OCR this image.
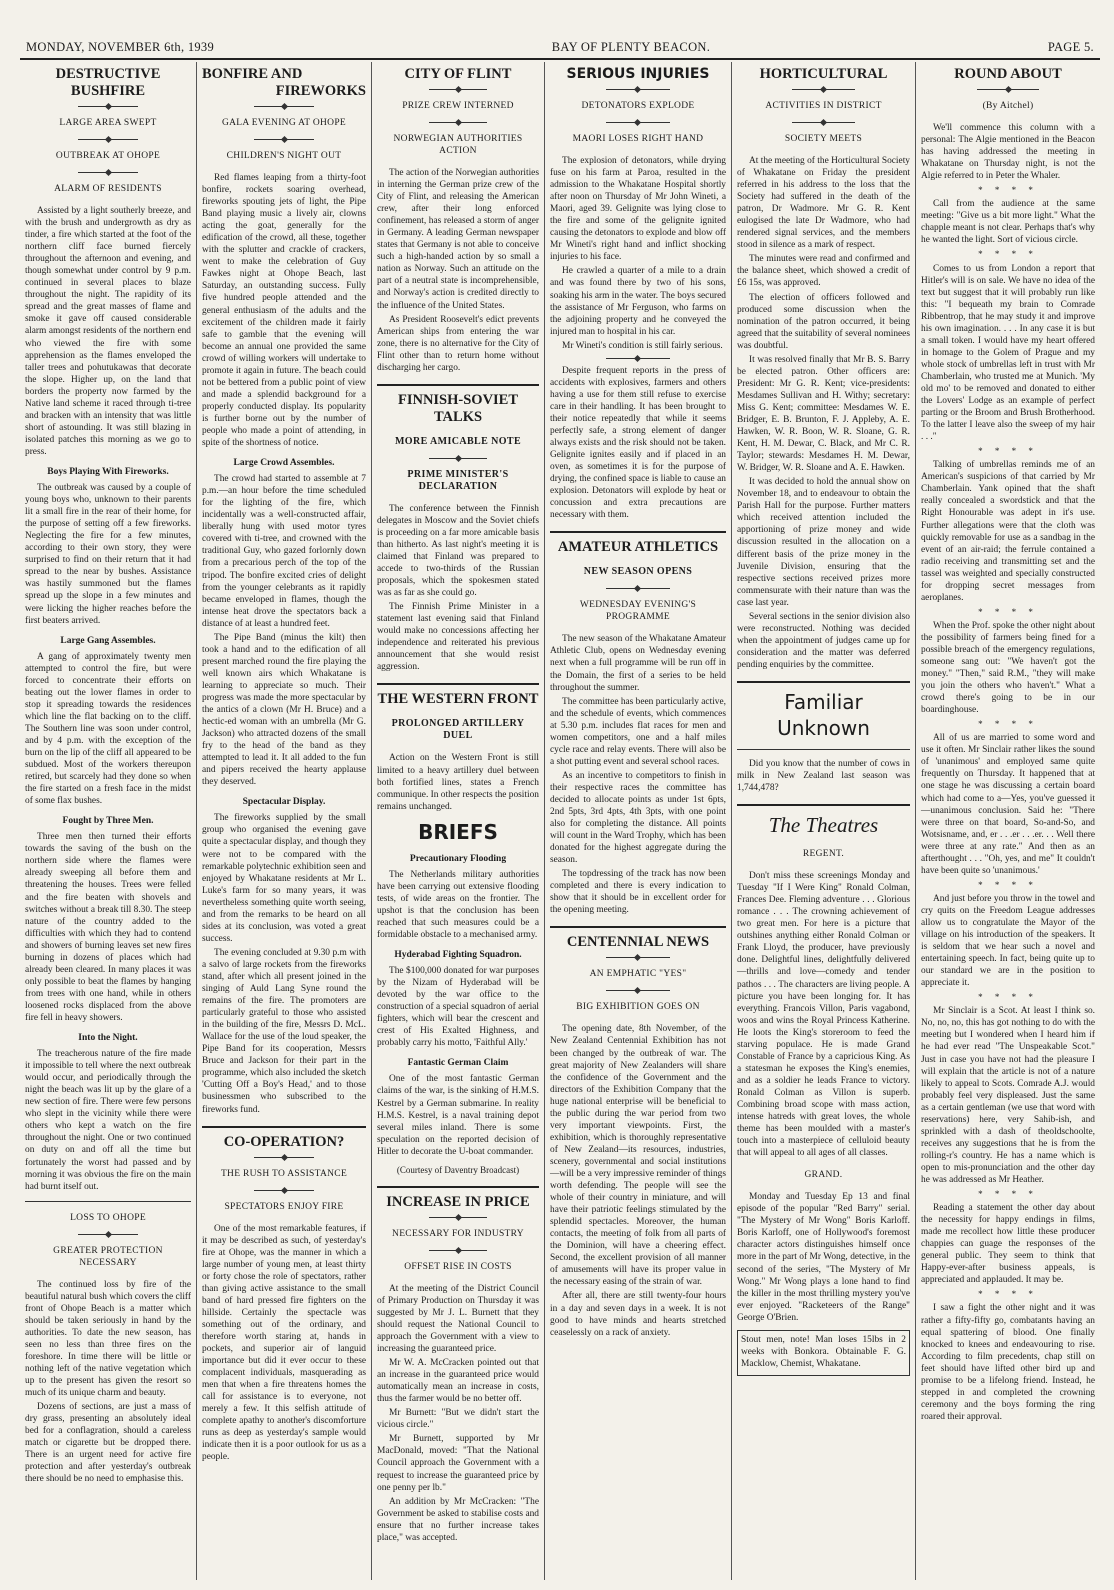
MONDAY, NOVEMBER 6th, 1939	BAY OF PLENTY BEACON.	PAGE 5.
DESTRUCTIVE BUSHFIRE
LARGE AREA SWEPT
OUTBREAK AT OHOPE
ALARM OF RESIDENTS

Assisted by a light southerly breeze, and with the brush and undergrowth as dry as tinder, a fire which started at the foot of the northern cliff face burned fiercely throughout the afternoon and evening, and though somewhat under control by 9 p.m. continued in several places to blaze throughout the night. The rapidity of its spread and the great masses of flame and smoke it gave off caused considerable alarm amongst residents of the northern end who viewed the fire with some apprehension as the flames enveloped the taller trees and pohutukawas that decorate the slope. Higher up, on the land that borders the property now farmed by the Native land scheme it raced through ti-tree and bracken with an intensity that was little short of astounding. It was still blazing in isolated patches this morning as we go to press.

Boys Playing With Fireworks.

The outbreak was caused by a couple of young boys who, unknown to their parents lit a small fire in the rear of their home, for the purpose of setting off a few fireworks. Neglecting the fire for a few minutes, according to their own story, they were surprised to find on their return that it had spread to the near by bushes. Assistance was hastily summoned but the flames spread up the slope in a few minutes and were licking the higher reaches before the first beaters arrived.

Large Gang Assembles.

A gang of approximately twenty men attempted to control the fire, but were forced to concentrate their efforts on beating out the lower flames in order to stop it spreading towards the residences which line the flat backing on to the cliff. The Southern line was soon under control, and by 4 p.m. with the exception of the burn on the lip of the cliff all appeared to be subdued. Most of the workers thereupon retired, but scarcely had they done so when the fire started on a fresh face in the midst of some flax bushes.

Fought by Three Men.

Three men then turned their efforts towards the saving of the bush on the northern side where the flames were already sweeping all before them and threatening the houses. Trees were felled and the fire beaten with shovels and switches without a break till 8.30. The steep nature of the country added to the difficulties with which they had to contend and showers of burning leaves set new fires burning in dozens of places which had already been cleared. In many places it was only possible to beat the flames by hanging from trees with one hand, while in others loosened rocks displaced from the above fire fell in heavy showers.

Into the Night.

The treacherous nature of the fire made it impossible to tell where the next outbreak would occur, and periodically through the night the beach was lit up by the glare of a new section of fire. There were few persons who slept in the vicinity while there were others who kept a watch on the fire throughout the night. One or two continued on duty on and off all the time but fortunately the worst had passed and by morning it was obvious the fire on the main had burnt itself out.

LOSS TO OHOPE
GREATER PROTECTION NECESSARY

The continued loss by fire of the beautiful natural bush which covers the cliff front of Ohope Beach is a matter which should be taken seriously in hand by the authorities. To date the new season, has seen no less than three fires on the foreshore. In time there will be little or nothing left of the native vegetation which up to the present has given the resort so much of its unique charm and beauty.

Dozens of sections, are just a mass of dry grass, presenting an absolutely ideal bed for a conflagration, should a careless match or cigarette but be dropped there. There is an urgent need for active fire protection and after yesterday's outbreak there should be no need to emphasise this.

BONFIRE AND
FIREWORKS
GALA EVENING AT OHOPE
CHILDREN'S NIGHT OUT

Red flames leaping from a thirty-foot bonfire, rockets soaring overhead, fireworks spouting jets of light, the Pipe Band playing music a lively air, clowns acting the goat, generally for the edification of the crowd, all these, together with the splutter and crackle of crackers, went to make the celebration of Guy Fawkes night at Ohope Beach, last Saturday, an outstanding success. Fully five hundred people attended and the general enthusiasm of the adults and the excitement of the children made it fairly safe to gamble that the evening will become an annual one provided the same crowd of willing workers will undertake to promote it again in future. The beach could not be bettered from a public point of view and made a splendid background for a properly conducted display. Its popularity is further borne out by the number of people who made a point of attending, in spite of the shortness of notice.

Large Crowd Assembles.

The crowd had started to assemble at 7 p.m.—an hour before the time scheduled for the lighting of the fire, which incidentally was a well-constructed affair, liberally hung with used motor tyres covered with ti-tree, and crowned with the traditional Guy, who gazed forlornly down from a precarious perch of the top of the tripod. The bonfire excited cries of delight from the younger celebrants as it rapidly became enveloped in flames, though the intense heat drove the spectators back a distance of at least a hundred feet.

The Pipe Band (minus the kilt) then took a hand and to the edification of all present marched round the fire playing the well known airs which Whakatane is learning to appreciate so much. Their progress was made the more spectacular by the antics of a clown (Mr H. Bruce) and a hectic-ed woman with an umbrella (Mr G. Jackson) who attracted dozens of the small fry to the head of the band as they attempted to lead it. It all added to the fun and pipers received the hearty applause they deserved.

Spectacular Display.

The fireworks supplied by the small group who organised the evening gave quite a spectacular display, and though they were not to be compared with the remarkable polytechnic exhibition seen and enjoyed by Whakatane residents at Mr L. Luke's farm for so many years, it was nevertheless something quite worth seeing, and from the remarks to be heard on all sides at its conclusion, was voted a great success.

The evening concluded at 9.30 p.m with a salvo of large rockets from the fireworks stand, after which all present joined in the singing of Auld Lang Syne round the remains of the fire. The promoters are particularly grateful to those who assisted in the building of the fire, Messrs D. McL. Wallace for the use of the loud speaker, the Pipe Band for its cooperation, Messrs Bruce and Jackson for their part in the programme, which also included the sketch 'Cutting Off a Boy's Head,' and to those businessmen who subscribed to the fireworks fund.

CO-OPERATION?
THE RUSH TO ASSISTANCE
SPECTATORS ENJOY FIRE

One of the most remarkable features, if it may be described as such, of yesterday's fire at Ohope, was the manner in which a large number of young men, at least thirty or forty chose the role of spectators, rather than giving active assistance to the small band of hard pressed fire fighters on the hillside. Certainly the spectacle was something out of the ordinary, and therefore worth staring at, hands in pockets, and superior air of languid importance but did it ever occur to these complacent individuals, masquerading as men that when a fire threatens homes the call for assistance is to everyone, not merely a few. It this selfish attitude of complete apathy to another's discomforture runs as deep as yesterday's sample would indicate then it is a poor outlook for us as a people.

CITY OF FLINT
PRIZE CREW INTERNED
NORWEGIAN AUTHORITIES ACTION

The action of the Norwegian authorities in interning the German prize crew of the City of Flint, and releasing the American crew, after their long enforced confinement, has released a storm of anger in Germany. A leading German newspaper states that Germany is not able to conceive such a high-handed action by so small a nation as Norway. Such an attitude on the part of a neutral state is incomprehensible, and Norway's action is credited directly to the influence of the United States.

As President Roosevelt's edict prevents American ships from entering the war zone, there is no alternative for the City of Flint other than to return home without discharging her cargo.

FINNISH-SOVIET TALKS
MORE AMICABLE NOTE
PRIME MINISTER'S DECLARATION

The conference between the Finnish delegates in Moscow and the Soviet chiefs is proceeding on a far more amicable basis than hitherto. As last night's meeting it is claimed that Finland was prepared to accede to two-thirds of the Russian proposals, which the spokesmen stated was as far as she could go.

The Finnish Prime Minister in a statement last evening said that Finland would make no concessions affecting her independence and reiterated his previous announcement that she would resist aggression.

THE WESTERN FRONT
PROLONGED ARTILLERY DUEL

Action on the Western Front is still limited to a heavy artillery duel between both fortified lines, states a French communique. In other respects the position remains unchanged.

BRIEFS
Precautionary Flooding

The Netherlands military authorities have been carrying out extensive flooding tests, of wide areas on the frontier. The upshot is that the conclusion has been reached that such measures could be a formidable obstacle to a mechanised army.

Hyderabad Fighting Squadron.

The $100,000 donated for war purposes by the Nizam of Hyderabad will be devoted by the war office to the construction of a special squadron of aerial fighters, which will bear the crescent and crest of His Exalted Highness, and probably carry his motto, 'Faithful Ally.'

Fantastic German Claim

One of the most fantastic German claims of the war, is the sinking of H.M.S. Kestrel by a German submarine. In reality H.M.S. Kestrel, is a naval training depot several miles inland. There is some speculation on the reported decision of Hitler to decorate the U-boat commander.

(Courtesy of Daventry Broadcast)
INCREASE IN PRICE
NECESSARY FOR INDUSTRY
OFFSET RISE IN COSTS

At the meeting of the District Council of Primary Production on Thursday it was suggested by Mr J. L. Burnett that they should request the National Council to approach the Government with a view to increasing the guaranteed price.

Mr W. A. McCracken pointed out that an increase in the guaranteed price would automatically mean an increase in costs, thus the farmer would be no better off.

Mr Burnett: "But we didn't start the vicious circle."

Mr Burnett, supported by Mr MacDonald, moved: "That the National Council approach the Government with a request to increase the guaranteed price by one penny per lb."

An addition by Mr McCracken: "The Government be asked to stabilise costs and ensure that no further increase takes place," was accepted.

SERIOUS INJURIES
DETONATORS EXPLODE
MAORI LOSES RIGHT HAND

The explosion of detonators, while drying fuse on his farm at Paroa, resulted in the admission to the Whakatane Hospital shortly after noon on Thursday of Mr John Wineti, a Maori, aged 39. Gelignite was lying close to the fire and some of the gelignite ignited causing the detonators to explode and blow off Mr Wineti's right hand and inflict shocking injuries to his face.

He crawled a quarter of a mile to a drain and was found there by two of his sons, soaking his arm in the water. The boys secured the assistance of Mr Ferguson, who farms on the adjoining property and he conveyed the injured man to hospital in his car.

Mr Wineti's condition is still fairly serious.

Despite frequent reports in the press of accidents with explosives, farmers and others having a use for them still refuse to exercise care in their handling. It has been brought to their notice repeatedly that while it seems perfectly safe, a strong element of danger always exists and the risk should not be taken. Gelignite ignites easily and if placed in an oven, as sometimes it is for the purpose of drying, the confined space is liable to cause an explosion. Detonators will explode by heat or concussion and extra precautions are necessary with them.

AMATEUR ATHLETICS
NEW SEASON OPENS
WEDNESDAY EVENING'S PROGRAMME

The new season of the Whakatane Amateur Athletic Club, opens on Wednesday evening next when a full programme will be run off in the Domain, the first of a series to be held throughout the summer.

The committee has been particularly active, and the schedule of events, which commences at 5.30 p.m. includes flat races for men and women competitors, one and a half miles cycle race and relay events. There will also be a shot putting event and several school races.

As an incentive to competitors to finish in their respective races the committee has decided to allocate points as under 1st 6pts, 2nd 5pts, 3rd 4pts, 4th 3pts, with one point also for completing the distance. All points will count in the Ward Trophy, which has been donated for the highest aggregate during the season.

The topdressing of the track has now been completed and there is every indication to show that it should be in excellent order for the opening meeting.

CENTENNIAL NEWS
AN EMPHATIC "YES"
BIG EXHIBITION GOES ON

The opening date, 8th November, of the New Zealand Centennial Exhibition has not been changed by the outbreak of war. The great majority of New Zealanders will share the confidence of the Government and the directors of the Exhibition Company that the huge national enterprise will be beneficial to the public during the war period from two very important viewpoints. First, the exhibition, which is thoroughly representative of New Zealand—its resources, industries, scenery, governmental and social institutions—will be a very impressive reminder of things worth defending. The people will see the whole of their country in miniature, and will have their patriotic feelings stimulated by the splendid spectacles. Moreover, the human contacts, the meeting of folk from all parts of the Dominion, will have a cheering effect. Second, the excellent provision of all manner of amusements will have its proper value in the necessary easing of the strain of war.

After all, there are still twenty-four hours in a day and seven days in a week. It is not good to have minds and hearts stretched ceaselessly on a rack of anxiety.

HORTICULTURAL
ACTIVITIES IN DISTRICT
SOCIETY MEETS

At the meeting of the Horticultural Society of Whakatane on Friday the president referred in his address to the loss that the Society had suffered in the death of the patron, Dr Wadmore. Mr G. R. Kent eulogised the late Dr Wadmore, who had rendered signal services, and the members stood in silence as a mark of respect.

The minutes were read and confirmed and the balance sheet, which showed a credit of £6 15s, was approved.

The election of officers followed and produced some discussion when the nomination of the patron occurred, it being agreed that the suitability of several nominees was doubtful.

It was resolved finally that Mr B. S. Barry be elected patron. Other officers are: President: Mr G. R. Kent; vice-presidents: Mesdames Sullivan and H. Withy; secretary: Miss G. Kent; committee: Mesdames W. E. Bridger, E. B. Brunton, F. J. Appleby, A. E. Hawken, W. R. Boon, W. R. Sloane, G. R. Kent, H. M. Dewar, C. Black, and Mr C. R. Taylor; stewards: Mesdames H. M. Dewar, W. Bridger, W. R. Sloane and A. E. Hawken.

It was decided to hold the annual show on November 18, and to endeavour to obtain the Parish Hall for the purpose. Further matters which received attention included the apportioning of prize money and wide discussion resulted in the allocation on a different basis of the prize money in the Juvenile Division, ensuring that the respective sections received prizes more commensurate with their nature than was the case last year.

Several sections in the senior division also were reconstructed. Nothing was decided when the appointment of judges came up for consideration and the matter was deferred pending enquiries by the committee.

Familiar Unknown

Did you know that the number of cows in milk in New Zealand last season was 1,744,478?

The Theatres
REGENT.

Don't miss these screenings Monday and Tuesday "If I Were King" Ronald Colman, Frances Dee. Fleming adventure . . . Glorious romance . . . The crowning achievement of two great men. For here is a picture that outshines anything either Ronald Colman or Frank Lloyd, the producer, have previously done. Delightful lines, delightfully delivered—thrills and love—comedy and tender pathos . . . The characters are living people. A picture you have been longing for. It has everything. Francois Villon, Paris vagabond, woos and wins the Royal Princess Katherine. He loots the King's storeroom to feed the starving populace. He is made Grand Constable of France by a capricious King. As a statesman he exposes the King's enemies, and as a soldier he leads France to victory. Ronald Colman as Villon is superb. Combining broad scope with mass action, intense hatreds with great loves, the whole theme has been moulded with a master's touch into a masterpiece of celluloid beauty that will appeal to all ages of all classes.

GRAND.

Monday and Tuesday Ep 13 and final episode of the popular "Red Barry" serial. "The Mystery of Mr Wong" Boris Karloff. Boris Karloff, one of Hollywood's foremost character actors distinguishes himself once more in the part of Mr Wong, detective, in the second of the series, "The Mystery of Mr Wong." Mr Wong plays a lone hand to find the killer in the most thrilling mystery you've ever enjoyed. "Racketeers of the Range" George O'Brien.

Stout men, note! Man loses 15lbs in 2 weeks with Bonkora. Obtainable F. G. Macklow, Chemist, Whakatane.

ROUND ABOUT
(By Aitchel)

We'll commence this column with a personal: The Algie mentioned in the Beacon has having addressed the meeting in Whakatane on Thursday night, is not the Algie referred to in Peter the Whaler.

* * * *

Call from the audience at the same meeting: "Give us a bit more light." What the chapple meant is not clear. Perhaps that's why he wanted the light. Sort of vicious circle.

* * * *

Comes to us from London a report that Hitler's will is on sale. We have no idea of the text but suggest that it will probably run like this: "I bequeath my brain to Comrade Ribbentrop, that he may study it and improve his own imagination. . . . In any case it is but a small token. I would have my heart offered in homage to the Golem of Prague and my whole stock of umbrellas left in trust with Mr Chamberlain, who trusted me at Munich. 'My old mo' to be removed and donated to either the Lovers' Lodge as an example of perfect parting or the Broom and Brush Brotherhood. To the latter I leave also the sweep of my hair . . ."

* * * *

Talking of umbrellas reminds me of an American's suspicions of that carried by Mr Chamberlain. Yank opined that the shaft really concealed a swordstick and that the Right Honourable was adept in it's use. Further allegations were that the cloth was quickly removable for use as a sandbag in the event of an air-raid; the ferrule contained a radio receiving and transmitting set and the tassel was weighted and specially constructed for dropping secret messages from aeroplanes.

* * * *

When the Prof. spoke the other night about the possibility of farmers being fined for a possible breach of the emergency regulations, someone sang out: "We haven't got the money." "Then," said R.M., "they will make you join the others who haven't." What a crowd there's going to be in our boardinghouse.

* * * *

All of us are married to some word and use it often. Mr Sinclair rather likes the sound of 'unanimous' and employed same quite frequently on Thursday. It happened that at one stage he was discussing a certain board which had come to a—Yes, you've guessed it—unanimous conclusion. Said he: "There were three on that board, So-and-So, and Wotsisname, and, er . . .er . . .er. . . Well there were three at any rate." And then as an afterthought . . . "Oh, yes, and me" It couldn't have been quite so 'unanimous.'

* * * *

And just before you throw in the towel and cry quits on the Freedom League addresses allow us to congratulate the Mayor of the village on his introduction of the speakers. It is seldom that we hear such a novel and entertaining speech. In fact, being quite up to our standard we are in the position to appreciate it.

* * * *

Mr Sinclair is a Scot. At least I think so. No, no, no, this has got nothing to do with the meeting but I wondered when I heard him if he had ever read "The Unspeakable Scot." Just in case you have not had the pleasure I will explain that the article is not of a nature likely to appeal to Scots. Comrade A.J. would probably feel very displeased. Just the same as a certain gentleman (we use that word with reservations) here, very Sahib-ish, and sprinkled with a dash of theoldschoolte, receives any suggestions that he is from the rolling-r's country. He has a name which is open to mis-pronunciation and the other day he was addressed as Mr Heather.

* * * *

Reading a statement the other day about the necessity for happy endings in films, made me recollect how little these producer chappies can guage the responses of the general public. They seem to think that Happy-ever-after business appeals, is appreciated and applauded. It may be.

* * * *

I saw a fight the other night and it was rather a fifty-fifty go, combatants having an equal spattering of blood. One finally knocked to knees and endeavouring to rise. According to film precedents, chap still on feet should have lifted other bird up and promise to be a lifelong friend. Instead, he stepped in and completed the crowning ceremony and the boys forming the ring roared their approval.
